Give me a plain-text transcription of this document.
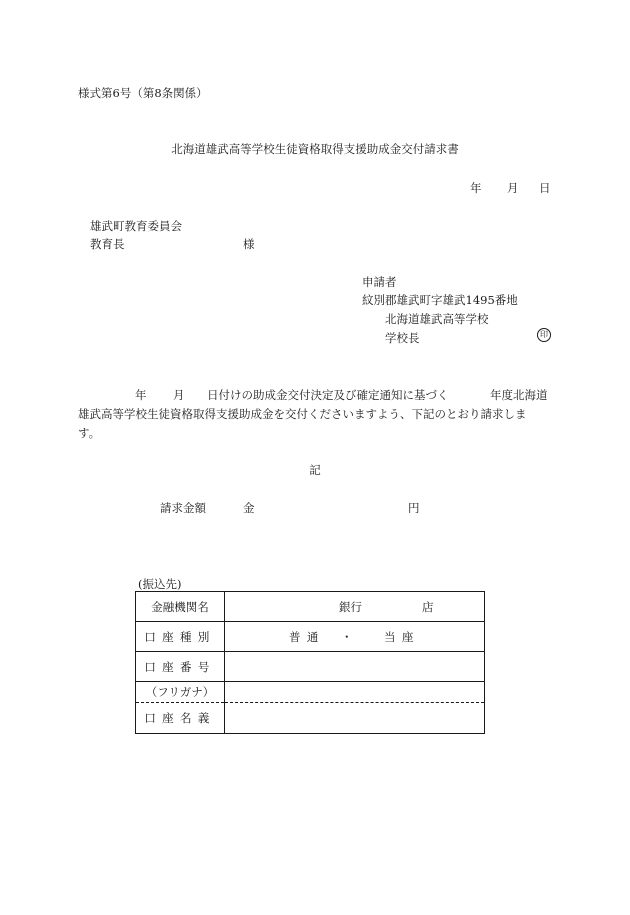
様式第6号（第8条関係）
北海道雄武高等学校生徒資格取得支援助成金交付請求書
年 月 日
雄武町教育委員会
教育長	様
申請者
紋別郡雄武町字雄武1495番地
北海道雄武高等学校
学校長	印
年 月 日付けの助成金交付決定及び確定通知に基づく	年度北海道
雄武高等学校生徒資格取得支援助成金を交付くださいますよう、下記のとおり請求しま
す。
記
請求金額	金	円
(振込先)
金融機関名	銀行 店

口座種別	普通 ・ 当座

口座番号	
（フリガナ）	
口座名義	
